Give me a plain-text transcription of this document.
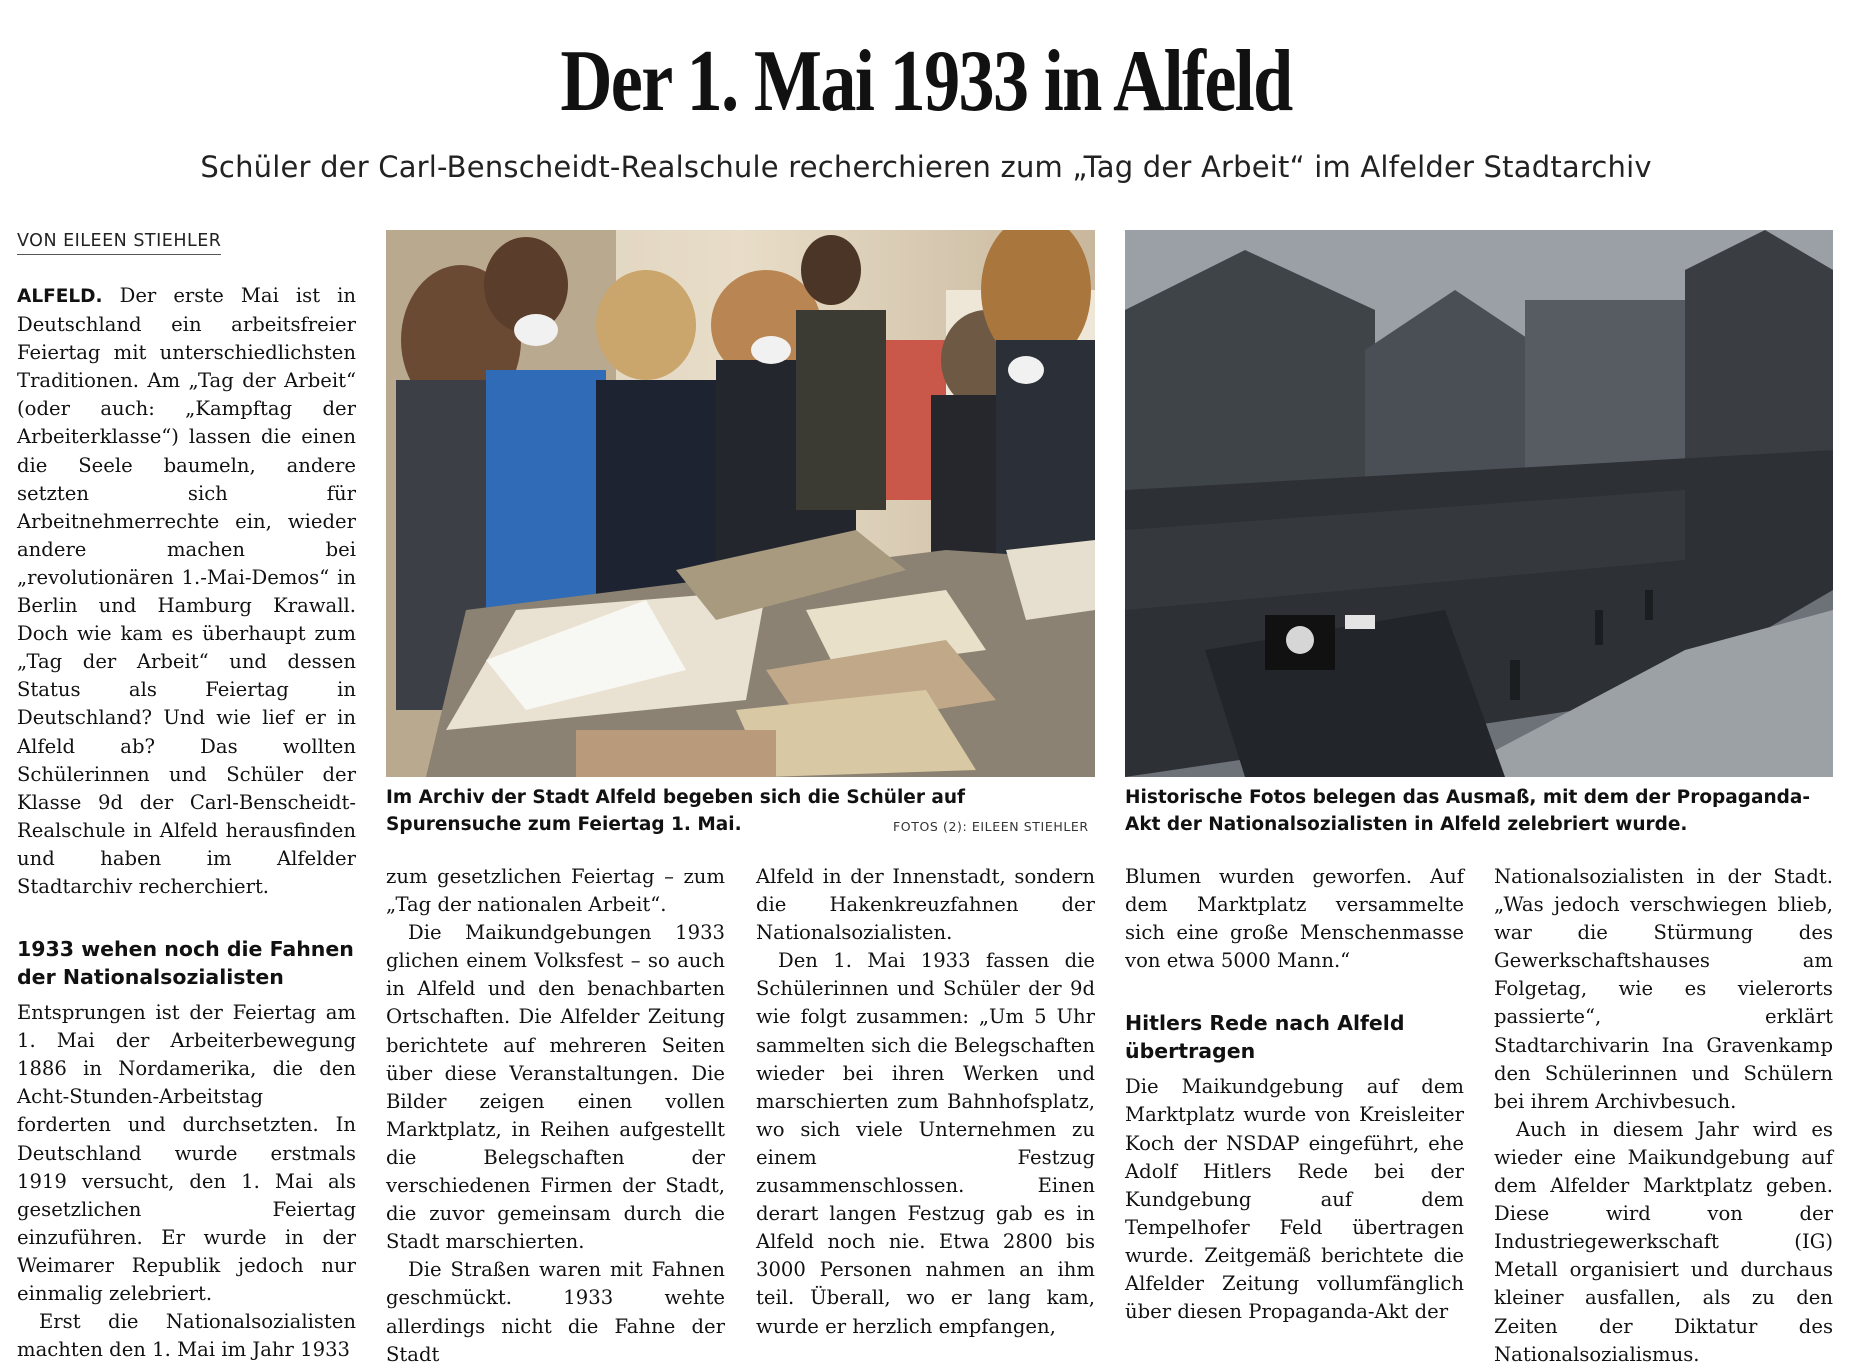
Der 1. Mai 1933 in Alfeld
Schüler der Carl-Benscheidt-Realschule recherchieren zum „Tag der Arbeit“ im Alfelder Stadtarchiv
VON EILEEN STIEHLER

ALFELD. Der erste Mai ist in Deutschland ein arbeitsfreier Feiertag mit unterschiedlichsten Traditionen. Am „Tag der Arbeit“ (oder auch: „Kampftag der Arbeiterklasse“) lassen die einen die Seele baumeln, andere setzten sich für Arbeitnehmerrechte ein, wieder andere machen bei „revolutionären 1.-Mai-Demos“ in Berlin und Hamburg Krawall. Doch wie kam es überhaupt zum „Tag der Arbeit“ und dessen Status als Feiertag in Deutschland? Und wie lief er in Alfeld ab? Das wollten Schülerinnen und Schüler der Klasse 9d der Carl-Benscheidt-Realschule in Alfeld herausfinden und haben im Alfelder Stadtarchiv recherchiert.

1933 wehen noch die Fahnen der Nationalsozialisten

Entsprungen ist der Feiertag am 1. Mai der Arbeiterbewegung 1886 in Nordamerika, die den Acht-Stunden-Arbeitstag forderten und durchsetzten. In Deutschland wurde erstmals 1919 versucht, den 1. Mai als gesetzlichen Feiertag einzuführen. Er wurde in der Weimarer Republik jedoch nur einmalig zelebriert.

Erst die Nationalsozialisten machten den 1. Mai im Jahr 1933

Im Archiv der Stadt Alfeld begeben sich die Schüler auf Spurensuche zum Feiertag 1. Mai.	FOTOS (2): EILEEN STIEHLER
Historische Fotos belegen das Ausmaß, mit dem der Propaganda-Akt der Nationalsozialisten in Alfeld zelebriert wurde.

zum gesetzlichen Feiertag – zum „Tag der nationalen Arbeit“.

Die Maikundgebungen 1933 glichen einem Volksfest – so auch in Alfeld und den benachbarten Ortschaften. Die Alfelder Zeitung berichtete auf mehreren Seiten über diese Veranstaltungen. Die Bilder zeigen einen vollen Marktplatz, in Reihen aufgestellt die Belegschaften der verschiedenen Firmen der Stadt, die zuvor gemeinsam durch die Stadt marschierten.

Die Straßen waren mit Fahnen geschmückt. 1933 wehte allerdings nicht die Fahne der Stadt

Alfeld in der Innenstadt, sondern die Hakenkreuzfahnen der Nationalsozialisten.

Den 1. Mai 1933 fassen die Schülerinnen und Schüler der 9d wie folgt zusammen: „Um 5 Uhr sammelten sich die Belegschaften wieder bei ihren Werken und marschierten zum Bahnhofsplatz, wo sich viele Unternehmen zu einem Festzug zusammenschlossen. Einen derart langen Festzug gab es in Alfeld noch nie. Etwa 2800 bis 3000 Personen nahmen an ihm teil. Überall, wo er lang kam, wurde er herzlich empfangen,

Blumen wurden geworfen. Auf dem Marktplatz versammelte sich eine große Menschenmasse von etwa 5000 Mann.“

Hitlers Rede nach Alfeld übertragen

Die Maikundgebung auf dem Marktplatz wurde von Kreisleiter Koch der NSDAP eingeführt, ehe Adolf Hitlers Rede bei der Kundgebung auf dem Tempelhofer Feld übertragen wurde. Zeitgemäß berichtete die Alfelder Zeitung vollumfänglich über diesen Propaganda-Akt der

Nationalsozialisten in der Stadt. „Was jedoch verschwiegen blieb, war die Stürmung des Gewerkschaftshauses am Folgetag, wie es vielerorts passierte“, erklärt Stadtarchivarin Ina Gravenkamp den Schülerinnen und Schülern bei ihrem Archivbesuch.

Auch in diesem Jahr wird es wieder eine Maikundgebung auf dem Alfelder Marktplatz geben. Diese wird von der Industriegewerkschaft (IG) Metall organisiert und durchaus kleiner ausfallen, als zu den Zeiten der Diktatur des Nationalsozialismus.
